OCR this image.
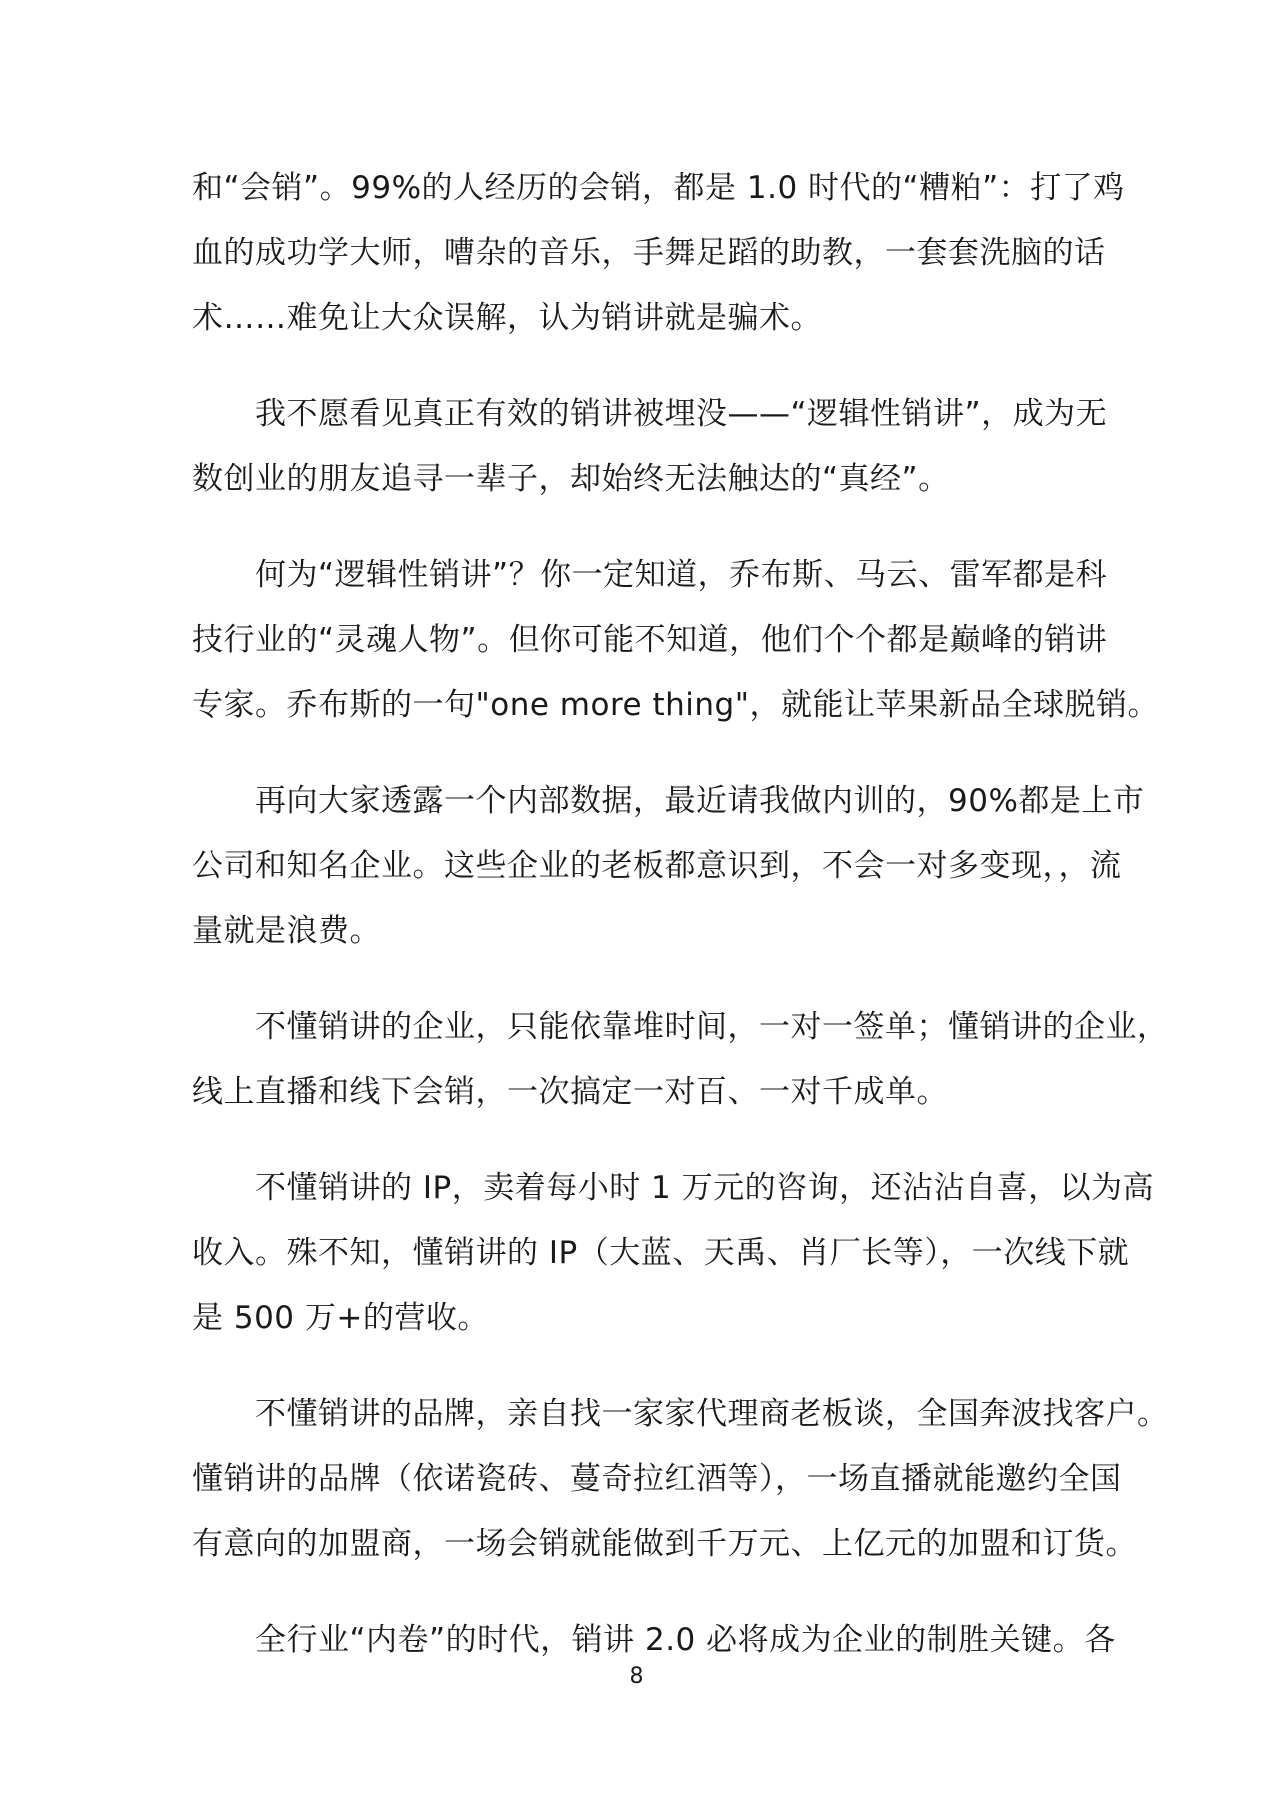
和“会销”。99%的人经历的会销，都是 1.0 时代的“糟粕”：打了鸡
血的成功学大师，嘈杂的音乐，手舞足蹈的助教，一套套洗脑的话
术……难免让大众误解，认为销讲就是骗术。

　　我不愿看见真正有效的销讲被埋没——“逻辑性销讲”，成为无
数创业的朋友追寻一辈子，却始终无法触达的“真经”。

　　何为“逻辑性销讲”？你一定知道，乔布斯、马云、雷军都是科
技行业的“灵魂人物”。但你可能不知道，他们个个都是巅峰的销讲
专家。乔布斯的一句"one more thing"，就能让苹果新品全球脱销。

　　再向大家透露一个内部数据，最近请我做内训的，90%都是上市
公司和知名企业。这些企业的老板都意识到，不会一对多变现，，流
量就是浪费。

　　不懂销讲的企业，只能依靠堆时间，一对一签单；懂销讲的企业，
线上直播和线下会销，一次搞定一对百、一对千成单。

　　不懂销讲的 IP，卖着每小时 1 万元的咨询，还沾沾自喜，以为高
收入。殊不知，懂销讲的 IP（大蓝、天禹、肖厂长等），一次线下就
是 500 万+的营收。

　　不懂销讲的品牌，亲自找一家家代理商老板谈，全国奔波找客户。
懂销讲的品牌（依诺瓷砖、蔓奇拉红酒等），一场直播就能邀约全国
有意向的加盟商，一场会销就能做到千万元、上亿元的加盟和订货。

　　全行业“内卷”的时代，销讲 2.0 必将成为企业的制胜关键。各

8
